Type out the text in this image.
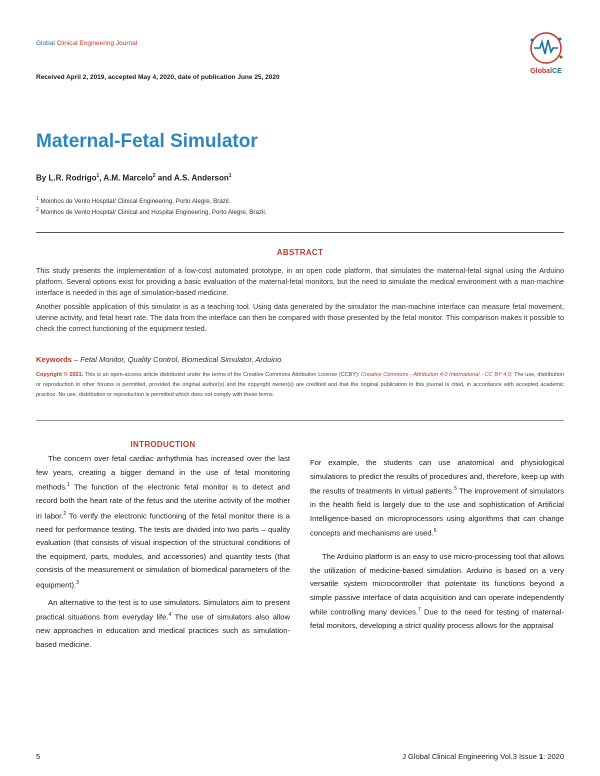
Global Clinical Engineering Journal
GlobalCE
Received April 2, 2019, accepted May 4, 2020, date of publication June 25, 2020
Maternal-Fetal Simulator
By L.R. Rodrigo$^1$, A.M. Marcelo$^2$ and A.S. Anderson$^1$
$^1$ Moinhos de Vento Hospital/ Clinical Engineering, Porto Alegre, Brazil.
$^2$ Moinhos de Vento Hospital/ Clinical and Hospital Engineering, Porto Alegre, Brazil.
ABSTRACT

This study presents the implementation of a low-cost automated prototype, in an open code platform, that simulates the maternal-fetal signal using the Arduino platform. Several options exist for providing a basic evaluation of the maternal-fetal monitors, but the need to simulate the medical environment with a man-machine interface is needed in this age of simulation-based medicine.

Another possible application of this simulator is as a teaching tool. Using data generated by the simulator the man-machine interface can measure fetal movement, uterine activity, and fetal heart rate. The data from the interface can then be compared with those presented by the fetal monitor. This comparison makes it possible to check the correct functioning of the equipment tested.

Keywords – Fetal Monitor, Quality Control, Biomedical Simulator, Arduino.
Copyright © 2021. This is an open-access article distributed under the terms of the Creative Commons Attribution License (CCBY): Creative Commons - Attribution 4.0 International - CC BY 4.0. The use, distribution or reproduction in other forums is permitted, provided the original author(s) and the copyright owner(s) are credited and that the original publication in this journal is cited, in accordance with accepted academic practice. No use, distribution or reproduction is permitted which does not comply with these terms.
INTRODUCTION

The concern over fetal cardiac arrhythmia has increased over the last few years, creating a bigger demand in the use of fetal monitoring methods.$^1$ The function of the electronic fetal monitor is to detect and record both the heart rate of the fetus and the uterine activity of the mother in labor.$^2$ To verify the electronic functioning of the fetal monitor there is a need for performance testing. The tests are divided into two parts – quality evaluation (that consists of visual inspection of the structural conditions of the equipment, parts, modules, and accessories) and quantity tests (that consists of the measurement or simulation of biomedical parameters of the equipment).$^3$

An alternative to the test is to use simulators. Simulators aim to present practical situations from everyday life.$^4$ The use of simulators also allow new approaches in education and medical practices such as simulation-based medicine.

For example, the students can use anatomical and physiological simulations to predict the results of procedures and, therefore, keep up with the results of treatments in virtual patients.$^5$ The improvement of simulators in the health field is largely due to the use and sophistication of Artificial Intelligence-based on microprocessors using algorithms that can change concepts and mechanisms are used.$^6$

The Arduino platform is an easy to use micro-processing tool that allows the utilization of medicine-based simulation. Arduino is based on a very versatile system microcontroller that potentate its functions beyond a simple passive interface of data acquisition and can operate independently while controlling many devices.$^7$ Due to the need for testing of maternal-fetal monitors, developing a strict quality process allows for the appraisal

5	J Global Clinical Engineering Vol.3 Issue 1: 2020
